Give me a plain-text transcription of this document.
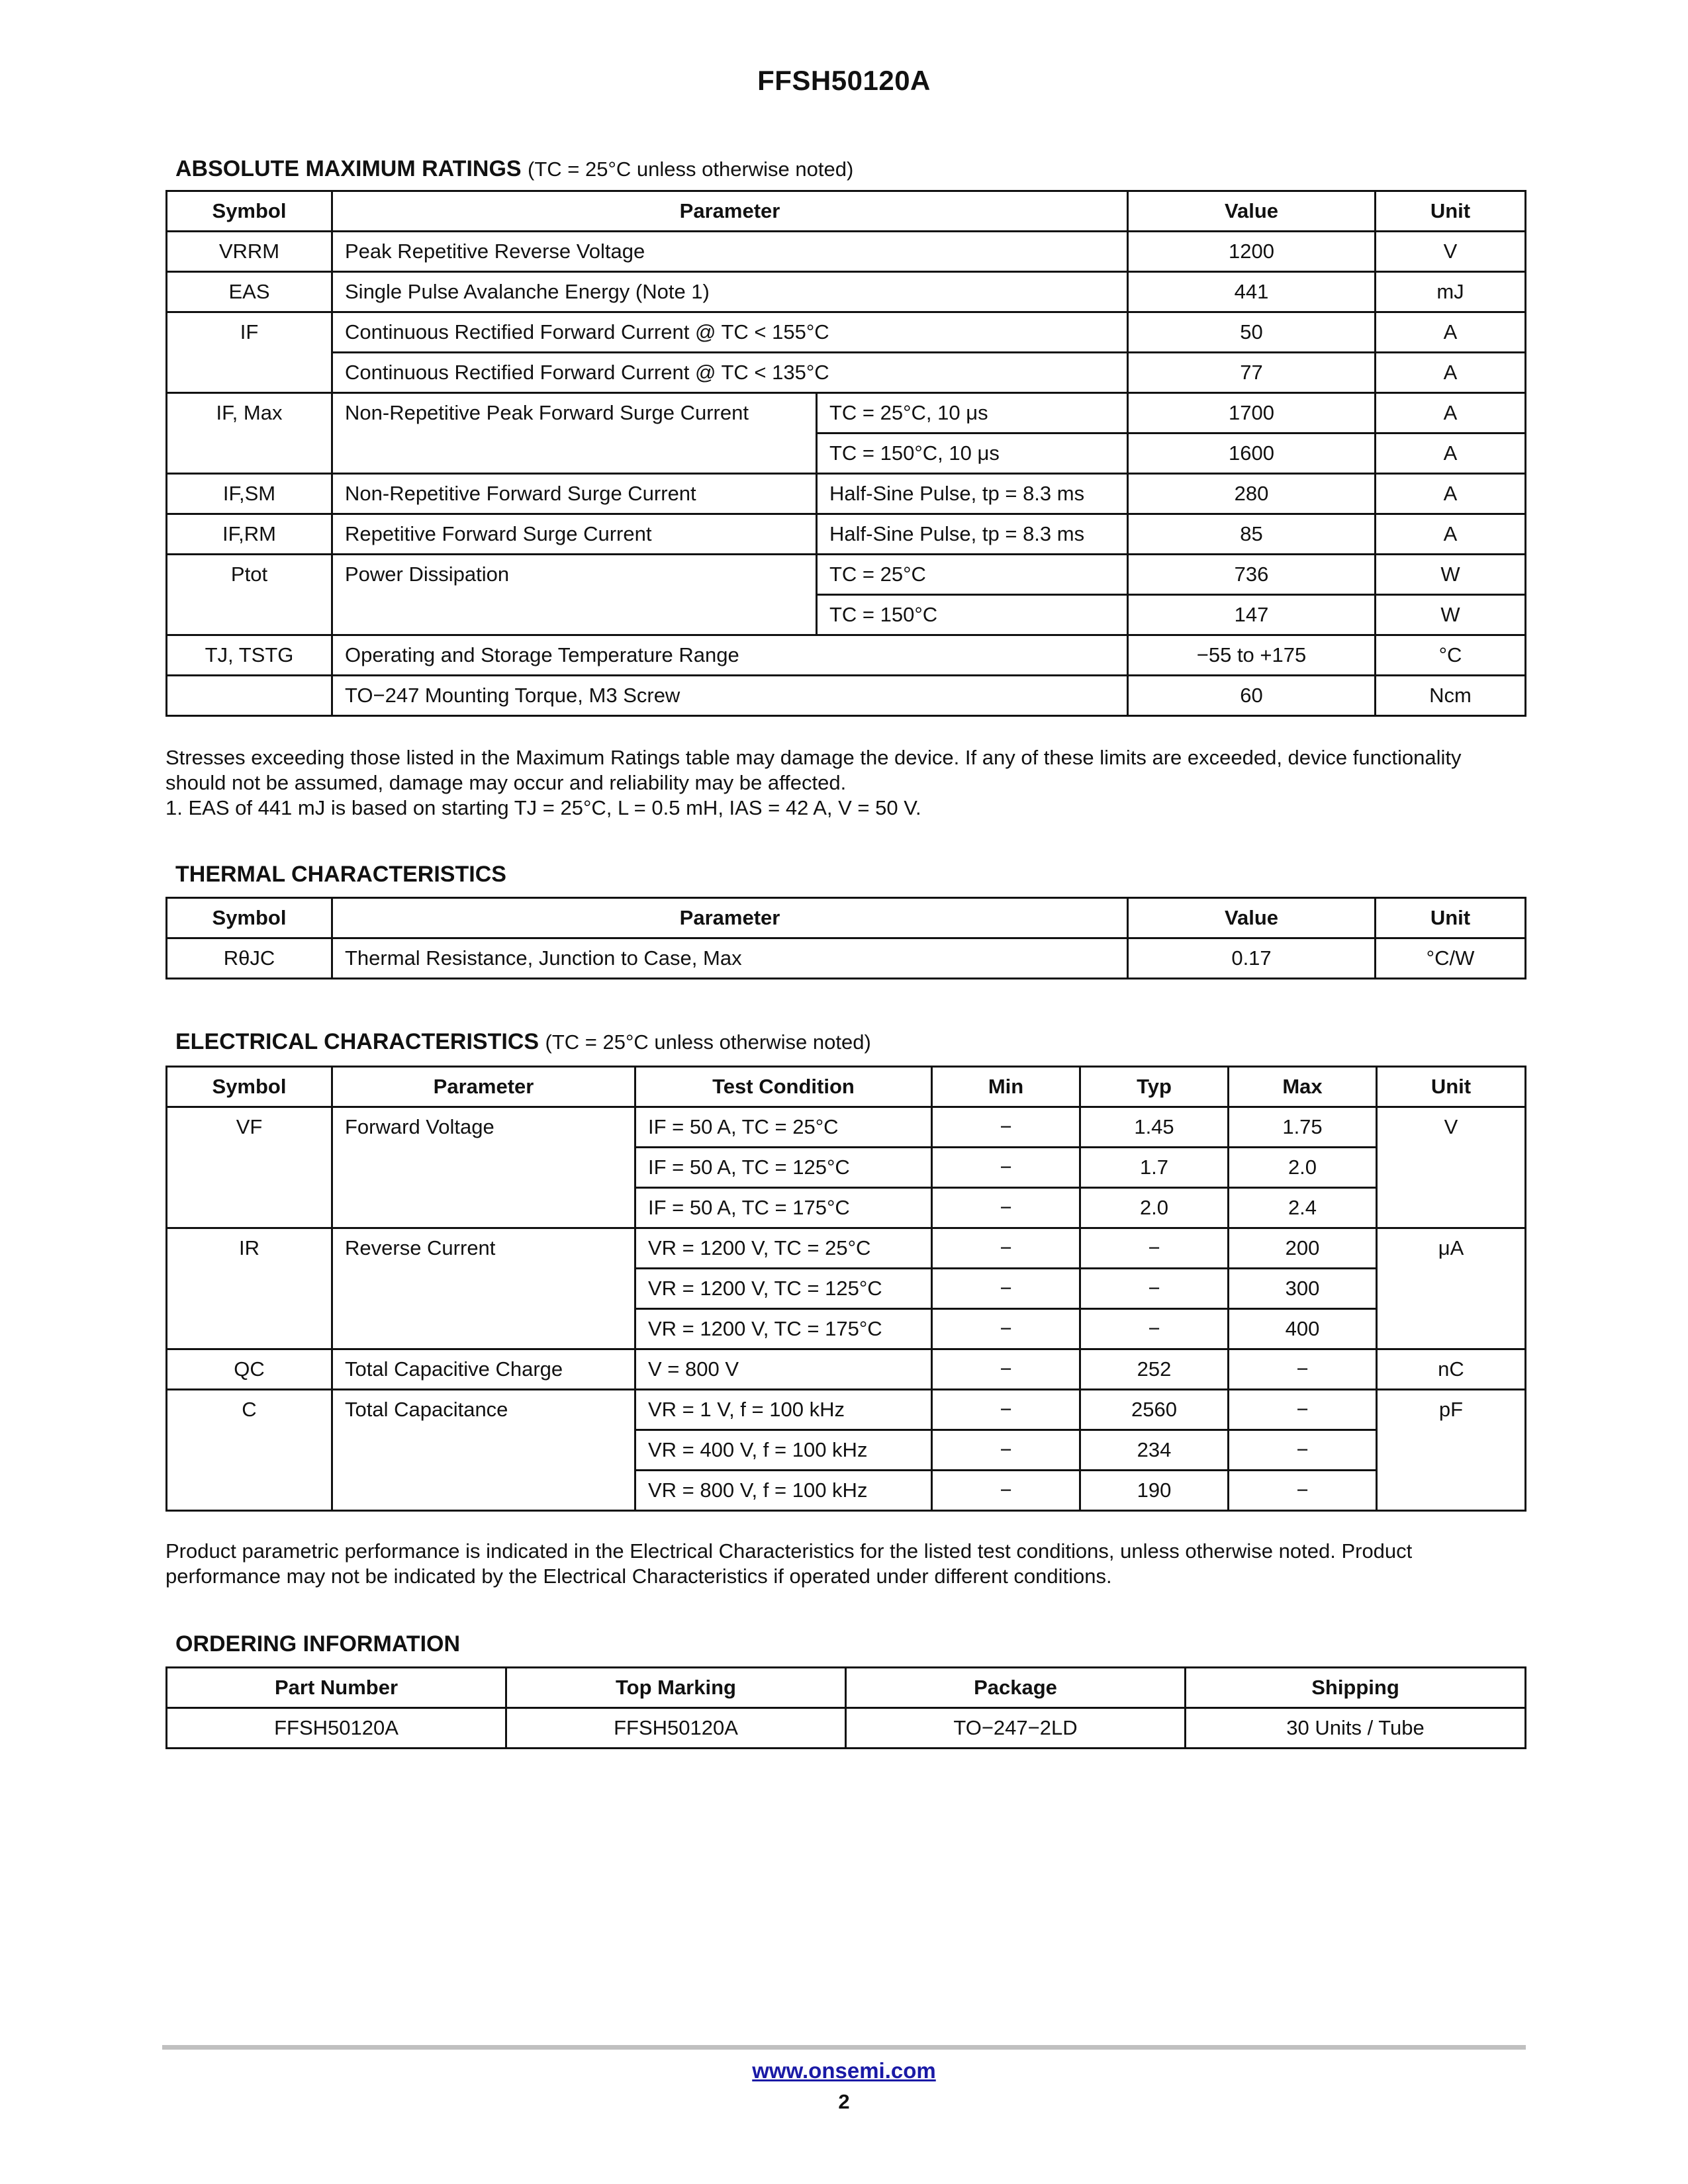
FFSH50120A
ABSOLUTE MAXIMUM RATINGS (TC = 25°C unless otherwise noted)
Symbol	Parameter		Value	Unit
VRRM	Peak Repetitive Reverse Voltage		1200	V
EAS	Single Pulse Avalanche Energy (Note 1)		441	mJ
IF	Continuous Rectified Forward Current @ TC < 155°C		50	A
	Continuous Rectified Forward Current @ TC < 135°C		77	A
IF, Max	Non-Repetitive Peak Forward Surge Current	TC = 25°C, 10 μs	1700	A
		TC = 150°C, 10 μs	1600	A
IF,SM	Non-Repetitive Forward Surge Current	Half-Sine Pulse, tp = 8.3 ms	280	A
IF,RM	Repetitive Forward Surge Current	Half-Sine Pulse, tp = 8.3 ms	85	A
Ptot	Power Dissipation	TC = 25°C	736	W
		TC = 150°C	147	W
TJ, TSTG	Operating and Storage Temperature Range		−55 to +175	°C
	TO−247 Mounting Torque, M3 Screw		60	Ncm
Stresses exceeding those listed in the Maximum Ratings table may damage the device. If any of these limits are exceeded, device functionality should not be assumed, damage may occur and reliability may be affected.
1. EAS of 441 mJ is based on starting TJ = 25°C, L = 0.5 mH, IAS = 42 A, V = 50 V.
THERMAL CHARACTERISTICS
Symbol	Parameter	Value	Unit
RθJC	Thermal Resistance, Junction to Case, Max	0.17	°C/W
ELECTRICAL CHARACTERISTICS (TC = 25°C unless otherwise noted)
Symbol	Parameter	Test Condition	Min	Typ	Max	Unit
VF	Forward Voltage	IF = 50 A, TC = 25°C	−	1.45	1.75	V
		IF = 50 A, TC = 125°C	−	1.7	2.0	
		IF = 50 A, TC = 175°C	−	2.0	2.4	
IR	Reverse Current	VR = 1200 V, TC = 25°C	−	−	200	μA
		VR = 1200 V, TC = 125°C	−	−	300	
		VR = 1200 V, TC = 175°C	−	−	400	
QC	Total Capacitive Charge	V = 800 V	−	252	−	nC
C	Total Capacitance	VR = 1 V, f = 100 kHz	−	2560	−	pF
		VR = 400 V, f = 100 kHz	−	234	−	
		VR = 800 V, f = 100 kHz	−	190	−	
Product parametric performance is indicated in the Electrical Characteristics for the listed test conditions, unless otherwise noted. Product performance may not be indicated by the Electrical Characteristics if operated under different conditions.
ORDERING INFORMATION
Part Number	Top Marking	Package	Shipping
FFSH50120A	FFSH50120A	TO−247−2LD	30 Units / Tube
www.onsemi.com
2
